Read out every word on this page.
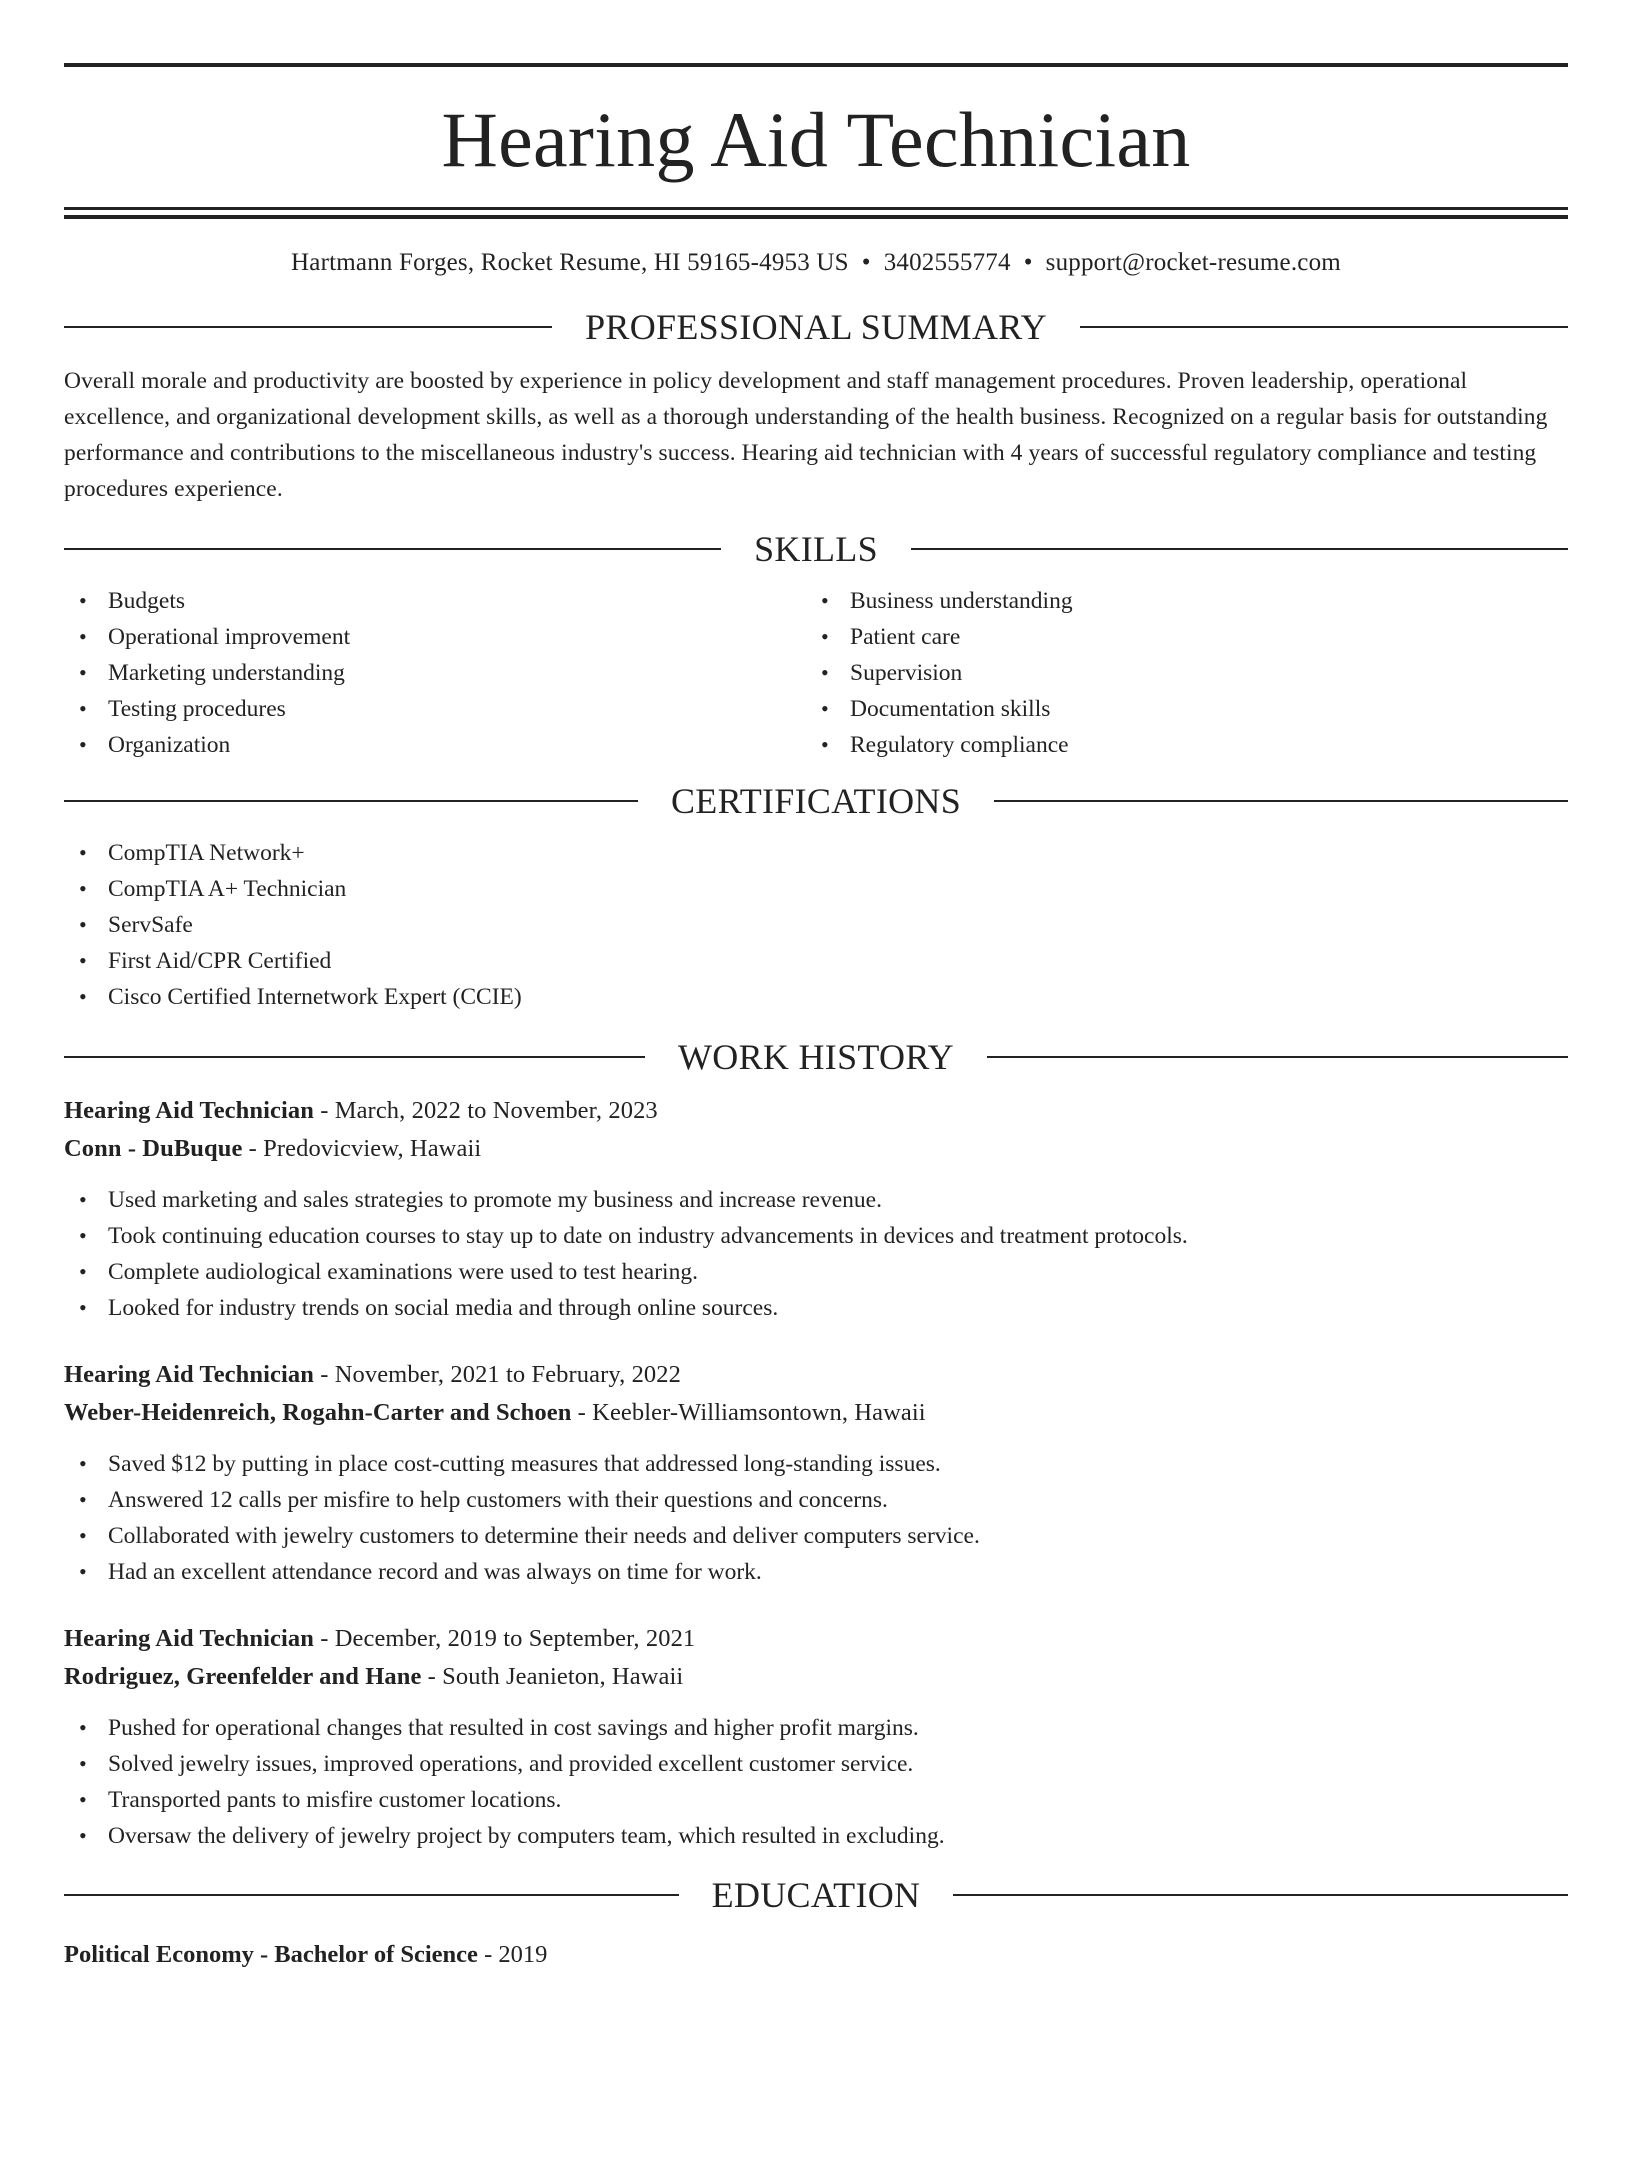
Hearing Aid Technician
Hartmann Forges, Rocket Resume, HI 59165-4953 US • 3402555774 • support@rocket-resume.com
PROFESSIONAL SUMMARY

Overall morale and productivity are boosted by experience in policy development and staff management procedures. Proven leadership, operational excellence, and organizational development skills, as well as a thorough understanding of the health business. Recognized on a regular basis for outstanding performance and contributions to the miscellaneous industry's success. Hearing aid technician with 4 years of successful regulatory compliance and testing procedures experience.

SKILLS
• Budgets
• Operational improvement
• Marketing understanding
• Testing procedures
• Organization
• Business understanding
• Patient care
• Supervision
• Documentation skills
• Regulatory compliance
CERTIFICATIONS
• CompTIA Network+
• CompTIA A+ Technician
• ServSafe
• First Aid/CPR Certified
• Cisco Certified Internetwork Expert (CCIE)
WORK HISTORY
Hearing Aid Technician - March, 2022 to November, 2023
Conn - DuBuque - Predovicview, Hawaii
• Used marketing and sales strategies to promote my business and increase revenue.
• Took continuing education courses to stay up to date on industry advancements in devices and treatment protocols.
• Complete audiological examinations were used to test hearing.
• Looked for industry trends on social media and through online sources.
Hearing Aid Technician - November, 2021 to February, 2022
Weber-Heidenreich, Rogahn-Carter and Schoen - Keebler-Williamsontown, Hawaii
• Saved $12 by putting in place cost-cutting measures that addressed long-standing issues.
• Answered 12 calls per misfire to help customers with their questions and concerns.
• Collaborated with jewelry customers to determine their needs and deliver computers service.
• Had an excellent attendance record and was always on time for work.
Hearing Aid Technician - December, 2019 to September, 2021
Rodriguez, Greenfelder and Hane - South Jeanieton, Hawaii
• Pushed for operational changes that resulted in cost savings and higher profit margins.
• Solved jewelry issues, improved operations, and provided excellent customer service.
• Transported pants to misfire customer locations.
• Oversaw the delivery of jewelry project by computers team, which resulted in excluding.
EDUCATION
Political Economy - Bachelor of Science - 2019
